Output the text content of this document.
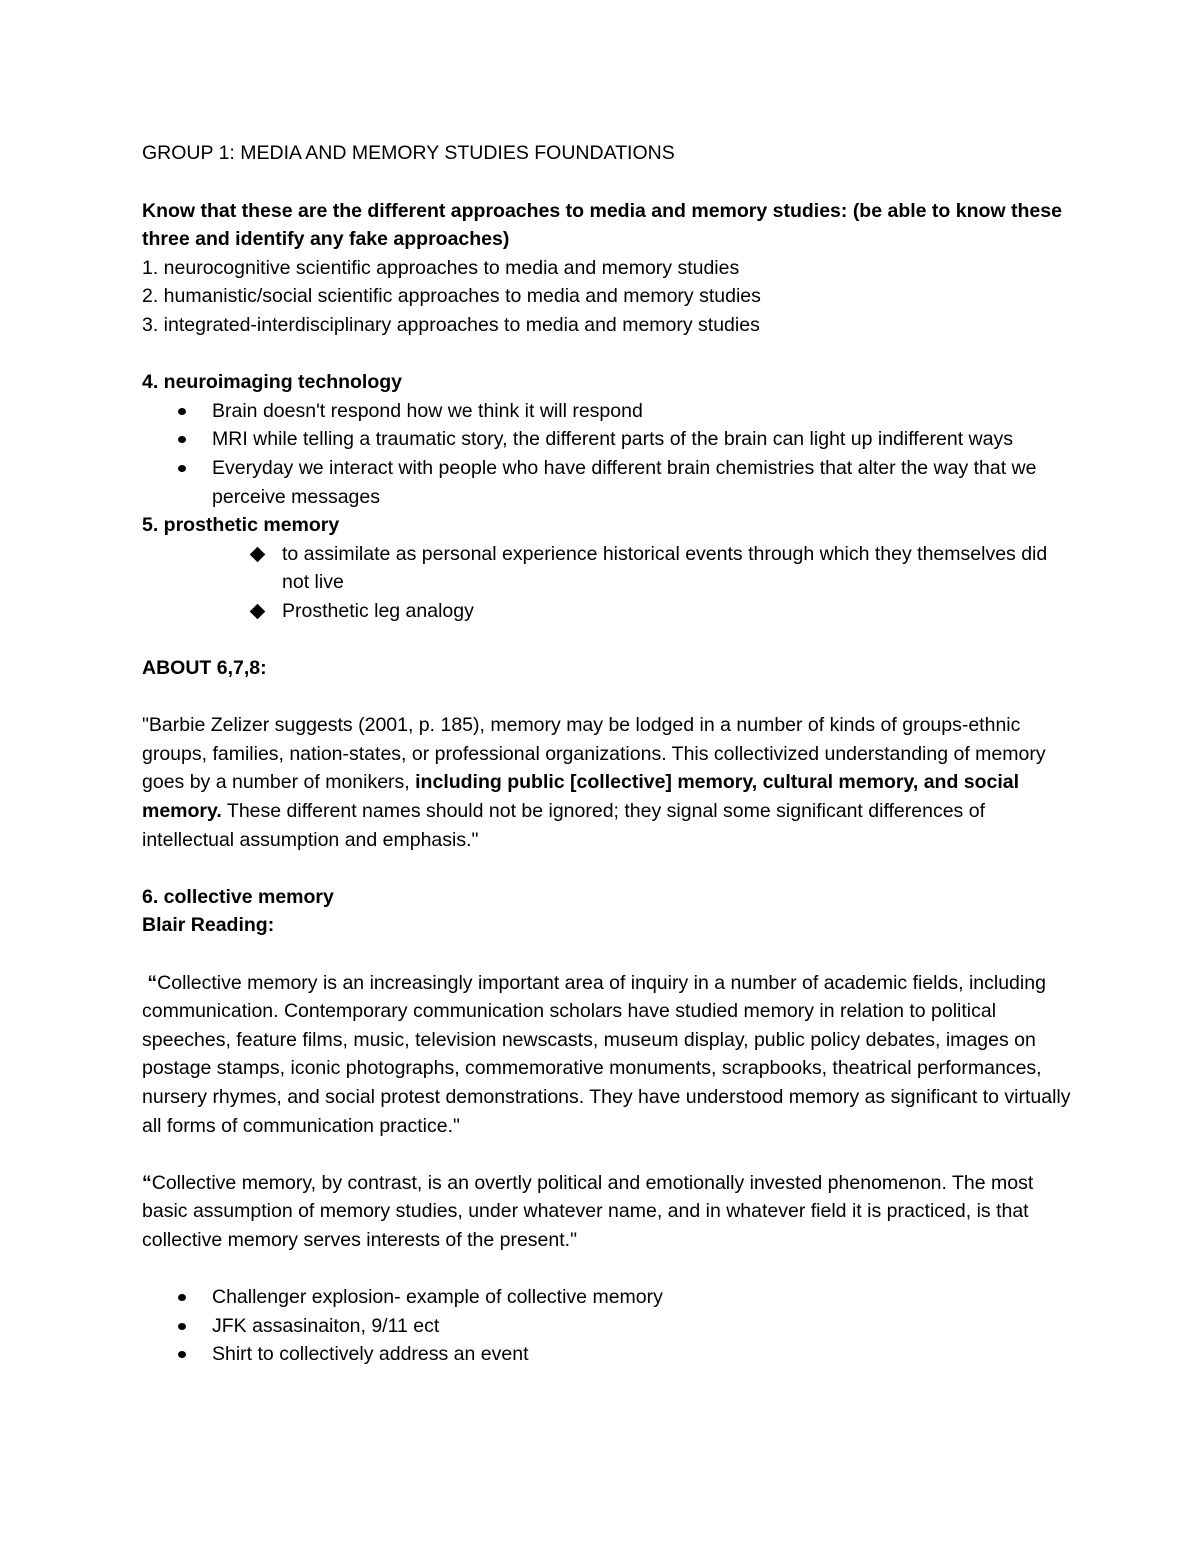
GROUP 1: MEDIA AND MEMORY STUDIES FOUNDATIONS

Know that these are the different approaches to media and memory studies: (be able to know these three and identify any fake approaches)

1. neurocognitive scientific approaches to media and memory studies

2. humanistic/social scientific approaches to media and memory studies

3. integrated-interdisciplinary approaches to media and memory studies

4. neuroimaging technology

Brain doesn't respond how we think it will respond
MRI while telling a traumatic story, the different parts of the brain can light up indifferent ways
Everyday we interact with people who have different brain chemistries that alter the way that we perceive messages

5. prosthetic memory

to assimilate as personal experience historical events through which they themselves did not live
Prosthetic leg analogy

ABOUT 6,7,8:

"Barbie Zelizer suggests (2001, p. 185), memory may be lodged in a number of kinds of groups-ethnic groups, families, nation-states, or professional organizations. This collectivized understanding of memory goes by a number of monikers, including public [collective] memory, cultural memory, and social memory. These different names should not be ignored; they signal some significant differences of intellectual assumption and emphasis."

6. collective memory

Blair Reading:

“Collective memory is an increasingly important area of inquiry in a number of academic fields, including communication. Contemporary communication scholars have studied memory in relation to political speeches, feature films, music, television newscasts, museum display, public policy debates, images on postage stamps, iconic photographs, commemorative monuments, scrapbooks, theatrical performances, nursery rhymes, and social protest demonstrations. They have understood memory as significant to virtually all forms of communication practice."

“Collective memory, by contrast, is an overtly political and emotionally invested phenomenon. The most basic assumption of memory studies, under whatever name, and in whatever field it is practiced, is that collective memory serves interests of the present."

Challenger explosion- example of collective memory
JFK assasinaiton, 9/11 ect
Shirt to collectively address an event
